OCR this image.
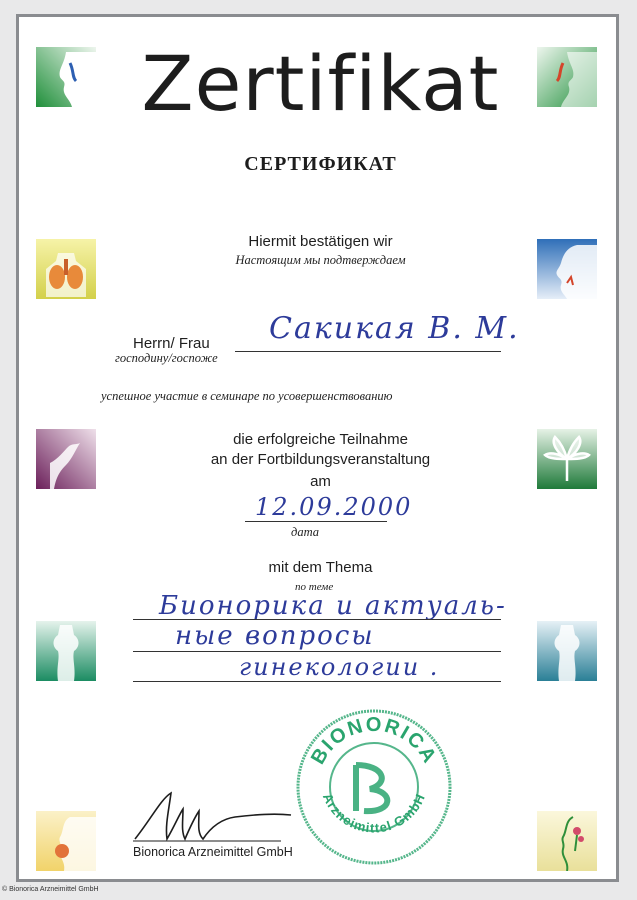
Zertifikat
СЕРТИФИКАТ
Hiermit bestätigen wir
Настоящим мы подтверждаем
Herrn/ Frau
господину/госпоже
Сакикая В. М.
успешное участие в семинаре по усовершенствованию
die erfolgreiche Teilnahme
an der Fortbildungsveranstaltung
am
12.09.2000
дата
mit dem Thema
по теме
Бионорика и актуаль-
ные вопросы
гинекологии .
BIONORICA
Arzneimittel GmbH
Bionorica Arzneimittel GmbH
© Bionorica Arzneimittel GmbH
